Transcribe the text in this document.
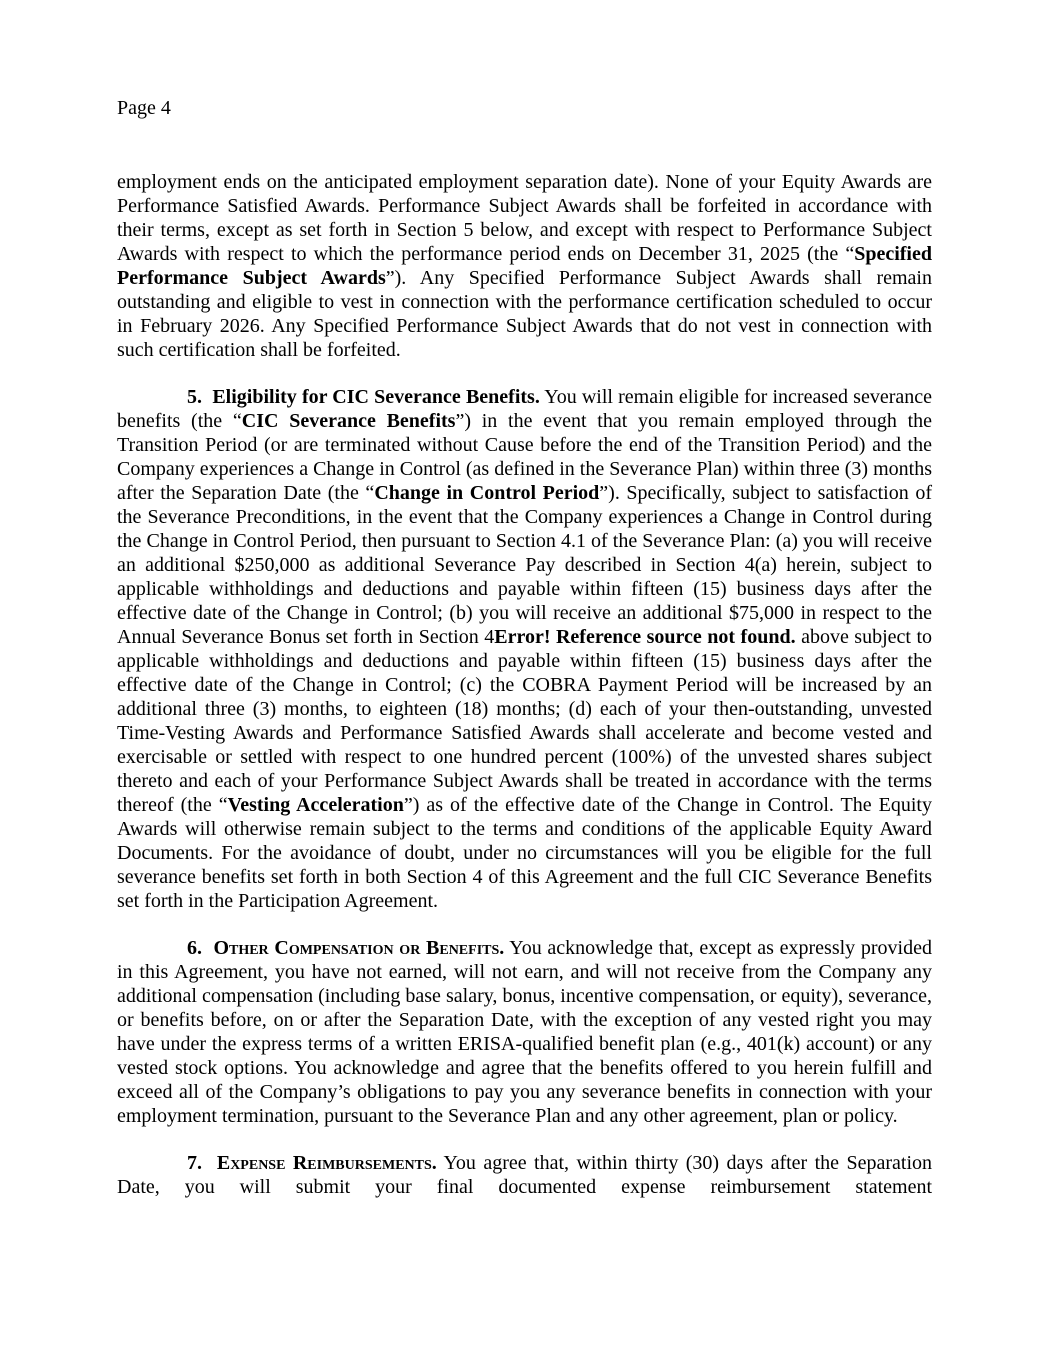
Page 4

employment ends on the anticipated employment separation date). None of your Equity Awards are Performance Satisfied Awards. Performance Subject Awards shall be forfeited in accordance with their terms, except as set forth in Section 5 below, and except with respect to Performance Subject Awards with respect to which the performance period ends on December 31, 2025 (the “Specified Performance Subject Awards”). Any Specified Performance Subject Awards shall remain outstanding and eligible to vest in connection with the performance certification scheduled to occur in February 2026. Any Specified Performance Subject Awards that do not vest in connection with such certification shall be forfeited.

5.  Eligibility for CIC Severance Benefits. You will remain eligible for increased severance benefits (the “CIC Severance Benefits”) in the event that you remain employed through the Transition Period (or are terminated without Cause before the end of the Transition Period) and the Company experiences a Change in Control (as defined in the Severance Plan) within three (3) months after the Separation Date (the “Change in Control Period”). Specifically, subject to satisfaction of the Severance Preconditions, in the event that the Company experiences a Change in Control during the Change in Control Period, then pursuant to Section 4.1 of the Severance Plan: (a) you will receive an additional $250,000 as additional Severance Pay described in Section 4(a) herein, subject to applicable withholdings and deductions and payable within fifteen (15) business days after the effective date of the Change in Control; (b) you will receive an additional $75,000 in respect to the Annual Severance Bonus set forth in Section 4Error! Reference source not found. above subject to applicable withholdings and deductions and payable within fifteen (15) business days after the effective date of the Change in Control; (c) the COBRA Payment Period will be increased by an additional three (3) months, to eighteen (18) months; (d) each of your then-outstanding, unvested Time-Vesting Awards and Performance Satisfied Awards shall accelerate and become vested and exercisable or settled with respect to one hundred percent (100%) of the unvested shares subject thereto and each of your Performance Subject Awards shall be treated in accordance with the terms thereof (the “Vesting Acceleration”) as of the effective date of the Change in Control. The Equity Awards will otherwise remain subject to the terms and conditions of the applicable Equity Award Documents. For the avoidance of doubt, under no circumstances will you be eligible for the full severance benefits set forth in both Section 4 of this Agreement and the full CIC Severance Benefits set forth in the Participation Agreement.

6.  Other Compensation or Benefits. You acknowledge that, except as expressly provided in this Agreement, you have not earned, will not earn, and will not receive from the Company any additional compensation (including base salary, bonus, incentive compensation, or equity), severance, or benefits before, on or after the Separation Date, with the exception of any vested right you may have under the express terms of a written ERISA-qualified benefit plan (e.g., 401(k) account) or any vested stock options. You acknowledge and agree that the benefits offered to you herein fulfill and exceed all of the Company’s obligations to pay you any severance benefits in connection with your employment termination, pursuant to the Severance Plan and any other agreement, plan or policy.

7.  Expense Reimbursements. You agree that, within thirty (30) days after the Separation Date, you will submit your final documented expense reimbursement statement
